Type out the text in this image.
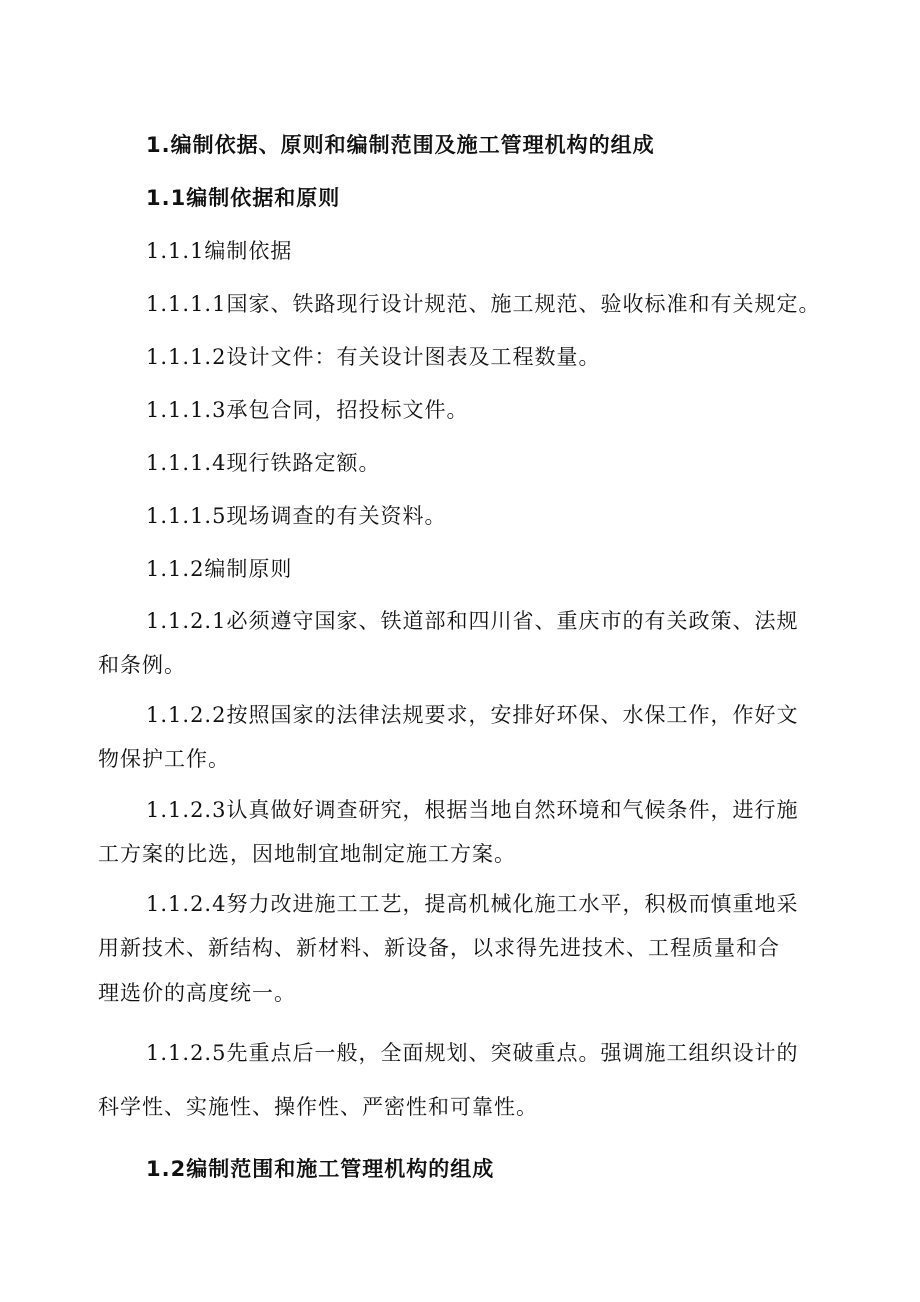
1.编制依据、原则和编制范围及施工管理机构的组成
1.1编制依据和原则
1.1.1编制依据
1.1.1.1国家、铁路现行设计规范、施工规范、验收标准和有关规定。
1.1.1.2设计文件：有关设计图表及工程数量。
1.1.1.3承包合同，招投标文件。
1.1.1.4现行铁路定额。
1.1.1.5现场调查的有关资料。
1.1.2编制原则
1.1.2.1必须遵守国家、铁道部和四川省、重庆市的有关政策、法规
和条例。
1.1.2.2按照国家的法律法规要求，安排好环保、水保工作，作好文
物保护工作。
1.1.2.3认真做好调查研究，根据当地自然环境和气候条件，进行施
工方案的比选，因地制宜地制定施工方案。
1.1.2.4努力改进施工工艺，提高机械化施工水平，积极而慎重地采
用新技术、新结构、新材料、新设备，以求得先进技术、工程质量和合
理选价的高度统一。
1.1.2.5先重点后一般，全面规划、突破重点。强调施工组织设计的
科学性、实施性、操作性、严密性和可靠性。
1.2编制范围和施工管理机构的组成
